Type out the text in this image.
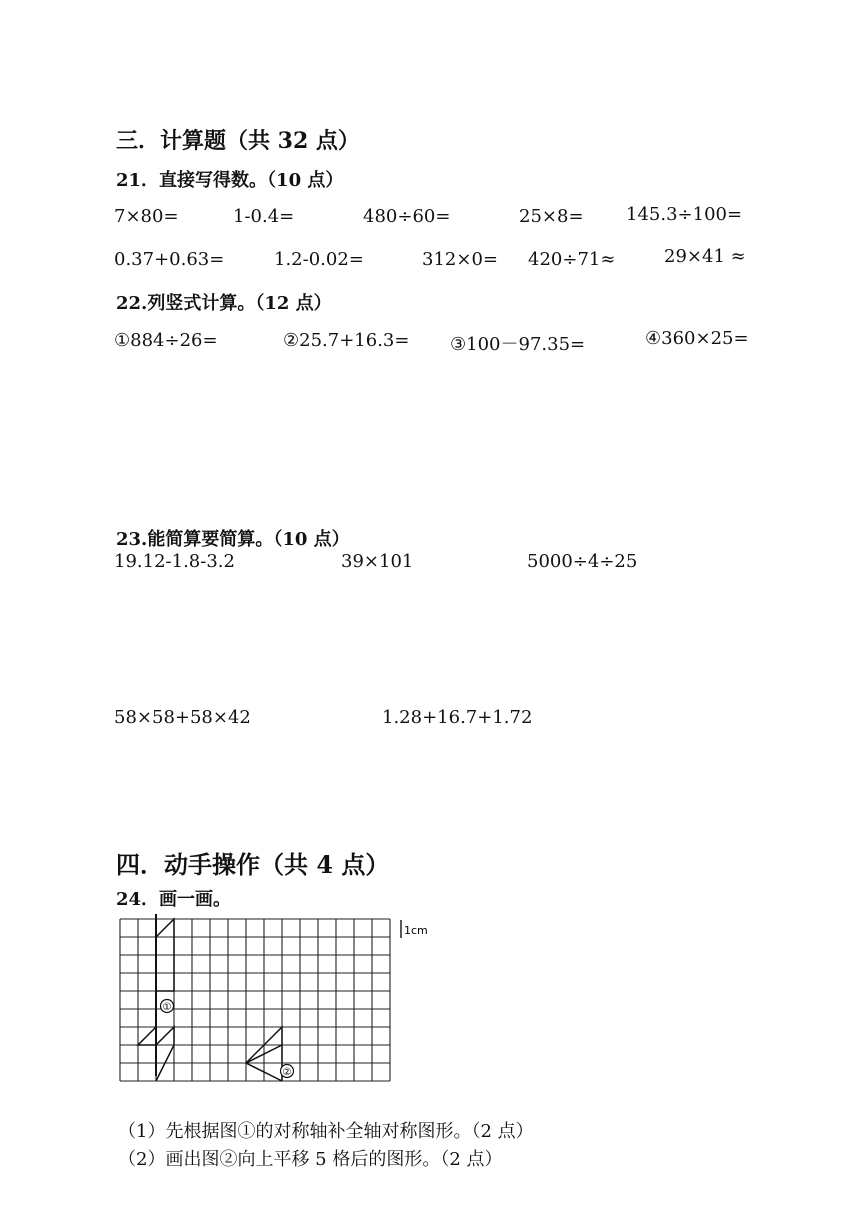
三．计算题（共 32 点）
21．直接写得数。（10 点）
7×80=	1-0.4=	480÷60=	25×8= 145.3÷100=
0.37+0.63=	1.2-0.02=	312×0= 420÷71≈	29×41 ≈
22.列竖式计算。（12 点）
①884÷26=	②25.7+16.3= ③100－97.35=	④360×25=
23.能简算要简算。（10 点）
19.12-1.8-3.2	39×101	5000÷4÷25
58×58+58×42	1.28+16.7+1.72
四．动手操作（共 4 点）
24．画一画。
①
②
1cm
（1）先根据图①的对称轴补全轴对称图形。（2 点）
（2）画出图②向上平移 5 格后的图形。（2 点）
